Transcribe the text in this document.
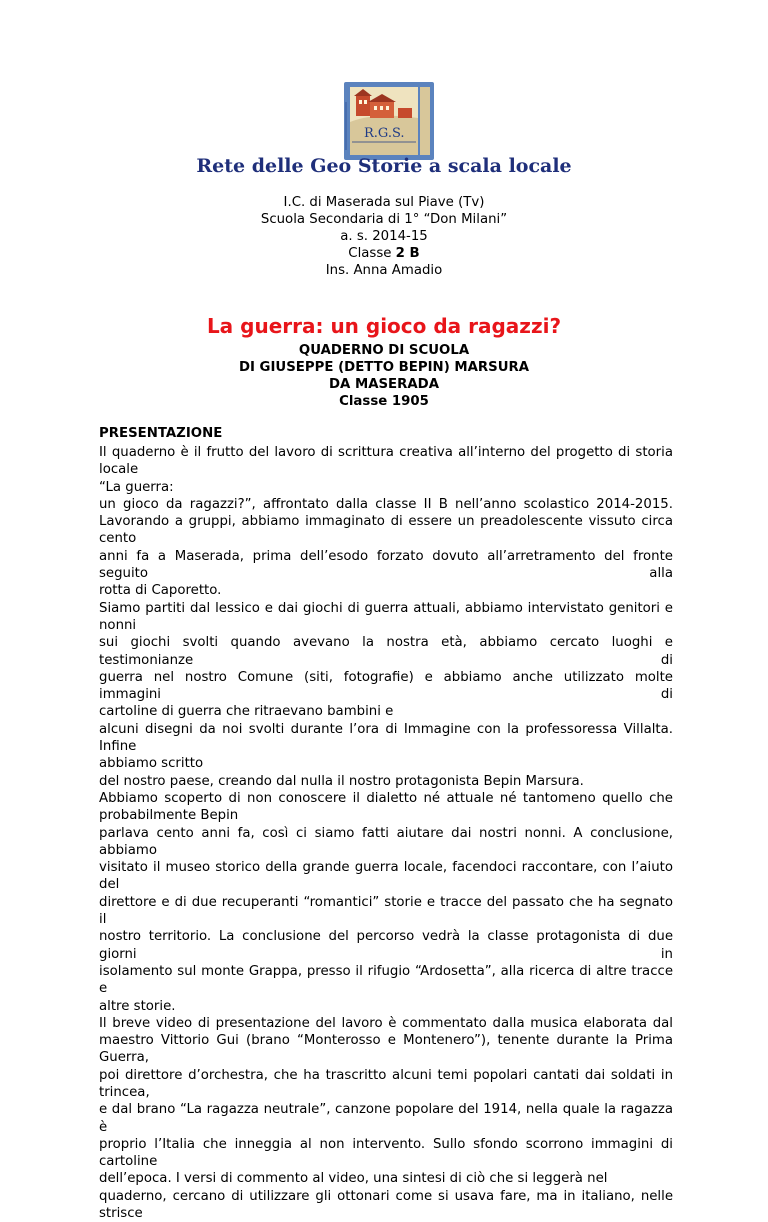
R.G.S.
Rete delle Geo Storie a scala locale
I.C. di Maserada sul Piave (Tv)
Scuola Secondaria di 1° “Don Milani”
a. s. 2014-15
Classe 2 B
Ins. Anna Amadio
La guerra: un gioco da ragazzi?
QUADERNO DI SCUOLA
DI GIUSEPPE (DETTO BEPIN) MARSURA
DA MASERADA
Classe 1905
PRESENTAZIONE
Il quaderno è il frutto del lavoro di scrittura creativa all’interno del progetto di storia locale
“La guerra:
un gioco da ragazzi?”, affrontato dalla classe II B nell’anno scolastico 2014-2015.
Lavorando a gruppi, abbiamo immaginato di essere un preadolescente vissuto circa cento
anni fa a Maserada, prima dell’esodo forzato dovuto all’arretramento del fronte seguito alla
rotta di Caporetto.
Siamo partiti dal lessico e dai giochi di guerra attuali, abbiamo intervistato genitori e nonni
sui giochi svolti quando avevano la nostra età, abbiamo cercato luoghi e testimonianze di
guerra nel nostro Comune (siti, fotografie) e abbiamo anche utilizzato molte immagini di
cartoline di guerra che ritraevano bambini e
alcuni disegni da noi svolti durante l’ora di Immagine con la professoressa Villalta. Infine
abbiamo scritto
del nostro paese, creando dal nulla il nostro protagonista Bepin Marsura.
Abbiamo scoperto di non conoscere il dialetto né attuale né tantomeno quello che
probabilmente Bepin
parlava cento anni fa, così ci siamo fatti aiutare dai nostri nonni. A conclusione, abbiamo
visitato il museo storico della grande guerra locale, facendoci raccontare, con l’aiuto del
direttore e di due recuperanti “romantici” storie e tracce del passato che ha segnato il
nostro territorio. La conclusione del percorso vedrà la classe protagonista di due giorni in
isolamento sul monte Grappa, presso il rifugio “Ardosetta”, alla ricerca di altre tracce e
altre storie.
Il breve video di presentazione del lavoro è commentato dalla musica elaborata dal
maestro Vittorio Gui (brano “Monterosso e Montenero”), tenente durante la Prima Guerra,
poi direttore d’orchestra, che ha trascritto alcuni temi popolari cantati dai soldati in trincea,
e dal brano “La ragazza neutrale”, canzone popolare del 1914, nella quale la ragazza è
proprio l’Italia che inneggia al non intervento. Sullo sfondo scorrono immagini di cartoline
dell’epoca. I versi di commento al video, una sintesi di ciò che si leggerà nel
quaderno, cercano di utilizzare gli ottonari come si usava fare, ma in italiano, nelle strisce
